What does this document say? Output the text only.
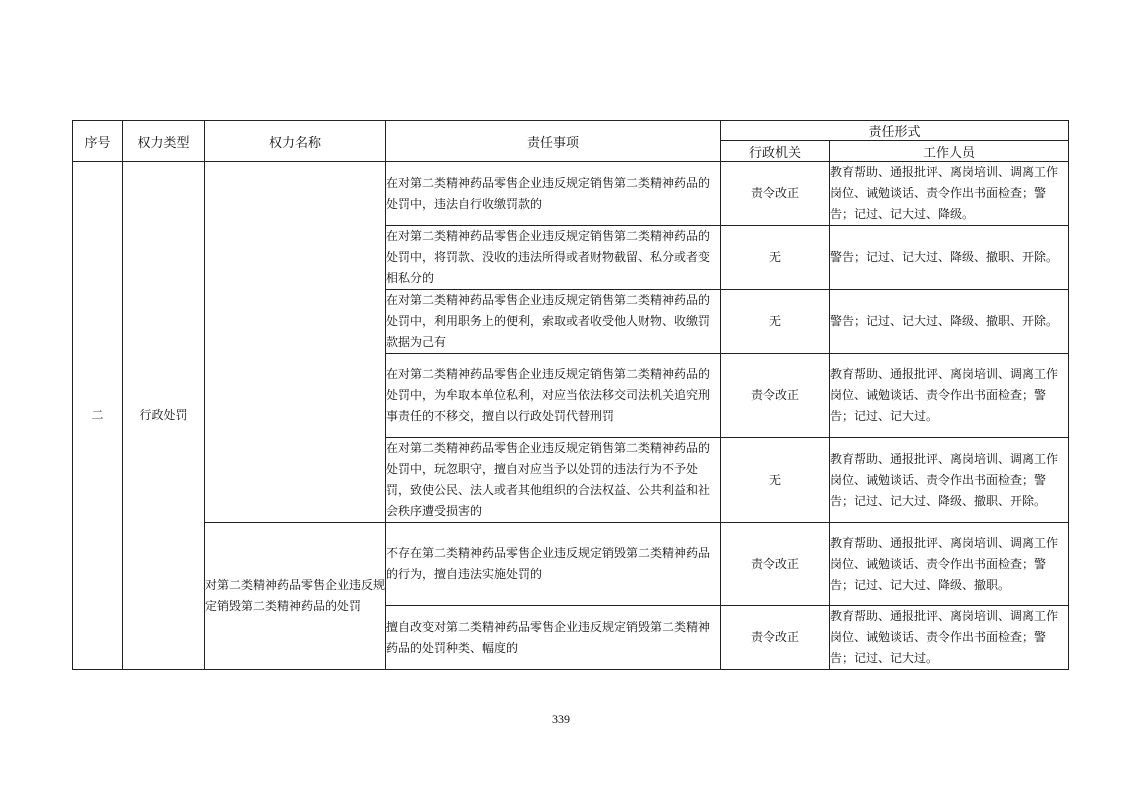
序号	权力类型	权力名称	责任事项	责任形式	
				行政机关	工作人员
二	行政处罚		在对第二类精神药品零售企业违反规定销售第二类精神药品的处罚中，违法自行收缴罚款的	责令改正	教育帮助、通报批评、离岗培训、调离工作岗位、诫勉谈话、责令作出书面检查；警告；记过、记大过、降级。
			在对第二类精神药品零售企业违反规定销售第二类精神药品的处罚中，将罚款、没收的违法所得或者财物截留、私分或者变相私分的	无	警告；记过、记大过、降级、撤职、开除。
			在对第二类精神药品零售企业违反规定销售第二类精神药品的处罚中，利用职务上的便利，索取或者收受他人财物、收缴罚款据为己有	无	警告；记过、记大过、降级、撤职、开除。
			在对第二类精神药品零售企业违反规定销售第二类精神药品的处罚中，为牟取本单位私利，对应当依法移交司法机关追究刑事责任的不移交，擅自以行政处罚代替刑罚	责令改正	教育帮助、通报批评、离岗培训、调离工作岗位、诫勉谈话、责令作出书面检查；警告；记过、记大过。
			在对第二类精神药品零售企业违反规定销售第二类精神药品的处罚中，玩忽职守，擅自对应当予以处罚的违法行为不予处罚，致使公民、法人或者其他组织的合法权益、公共利益和社会秩序遭受损害的	无	教育帮助、通报批评、离岗培训、调离工作岗位、诫勉谈话、责令作出书面检查；警告；记过、记大过、降级、撤职、开除。
		对第二类精神药品零售企业违反规定销毁第二类精神药品的处罚	不存在第二类精神药品零售企业违反规定销毁第二类精神药品的行为，擅自违法实施处罚的	责令改正	教育帮助、通报批评、离岗培训、调离工作岗位、诫勉谈话、责令作出书面检查；警告；记过、记大过、降级、撤职。
			擅自改变对第二类精神药品零售企业违反规定销毁第二类精神药品的处罚种类、幅度的	责令改正	教育帮助、通报批评、离岗培训、调离工作岗位、诫勉谈话、责令作出书面检查；警告；记过、记大过。
339
